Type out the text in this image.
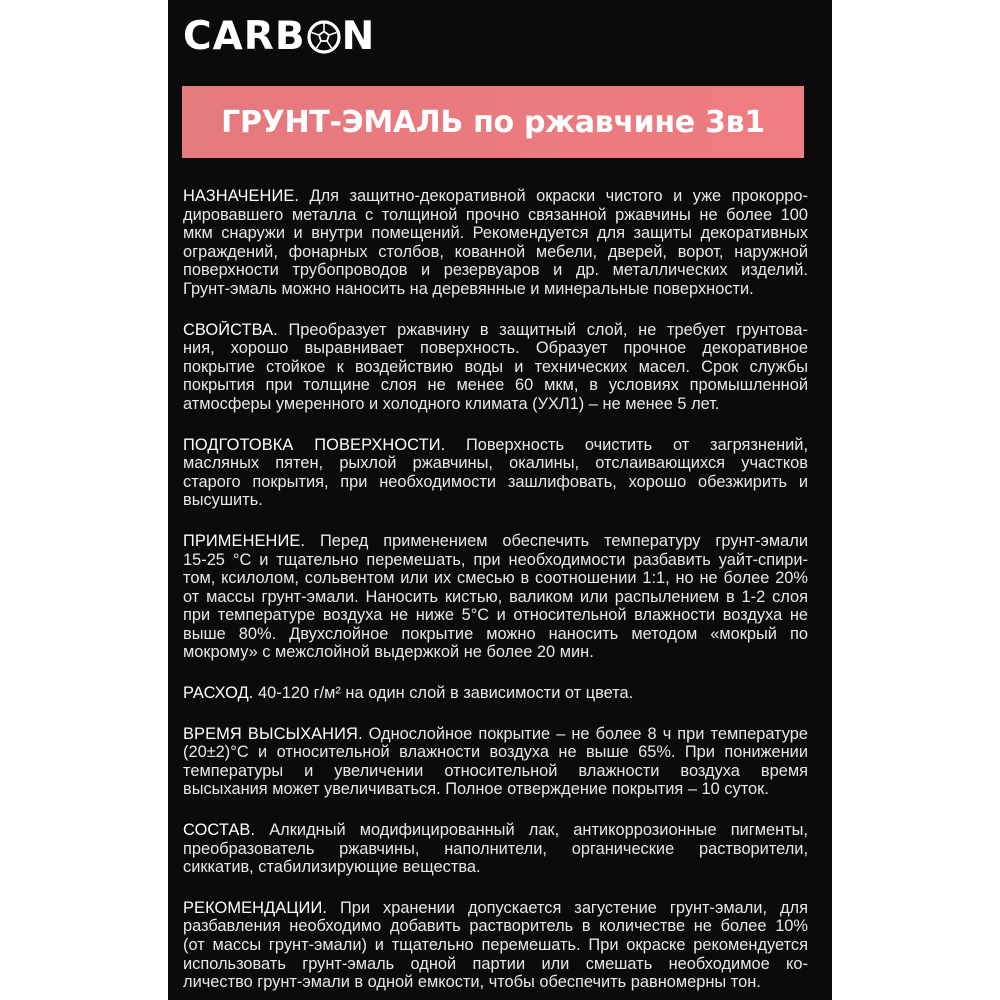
CARB N
ГРУНТ-ЭМАЛЬ по ржавчине 3в1
НАЗНАЧЕНИЕ. Для защитно-декоративной окраски чистого и уже прокорро-
дировавшего металла с толщиной прочно связанной ржавчины не более 100
мкм снаружи и внутри помещений. Рекомендуется для защиты декоративных
ограждений, фонарных столбов, кованной мебели, дверей, ворот, наружной
поверхности трубопроводов и резервуаров и др. металлических изделий.
Грунт-эмаль можно наносить на деревянные и минеральные поверхности.
СВОЙСТВА. Преобразует ржавчину в защитный слой, не требует грунтова-
ния, хорошо выравнивает поверхность. Образует прочное декоративное
покрытие стойкое к воздействию воды и технических масел. Срок службы
покрытия при толщине слоя не менее 60 мкм, в условиях промышленной
атмосферы умеренного и холодного климата (УХЛ1) – не менее 5 лет.
ПОДГОТОВКА ПОВЕРХНОСТИ. Поверхность очистить от загрязнений,
масляных пятен, рыхлой ржавчины, окалины, отслаивающихся участков
старого покрытия, при необходимости зашлифовать, хорошо обезжирить и
высушить.
ПРИМЕНЕНИЕ. Перед применением обеспечить температуру грунт-эмали
15-25 °С и тщательно перемешать, при необходимости разбавить уайт-спири-
том, ксилолом, сольвентом или их смесью в соотношении 1:1, но не более 20%
от массы грунт-эмали. Наносить кистью, валиком или распылением в 1-2 слоя
при температуре воздуха не ниже 5°С и относительной влажности воздуха не
выше 80%. Двухслойное покрытие можно наносить методом «мокрый по
мокрому» с межслойной выдержкой не более 20 мин.
РАСХОД. 40-120 г/м² на один слой в зависимости от цвета.
ВРЕМЯ ВЫСЫХАНИЯ. Однослойное покрытие – не более 8 ч при температуре
(20±2)°С и относительной влажности воздуха не выше 65%. При понижении
температуры и увеличении относительной влажности воздуха время
высыхания может увеличиваться. Полное отверждение покрытия – 10 суток.
СОСТАВ. Алкидный модифицированный лак, антикоррозионные пигменты,
преобразователь ржавчины, наполнители, органические растворители,
сиккатив, стабилизирующие вещества.
РЕКОМЕНДАЦИИ. При хранении допускается загустение грунт-эмали, для
разбавления необходимо добавить растворитель в количестве не более 10%
(от массы грунт-эмали) и тщательно перемешать. При окраске рекомендуется
использовать грунт-эмаль одной партии или смешать необходимое ко-
личество грунт-эмали в одной емкости, чтобы обеспечить равномерны тон.
